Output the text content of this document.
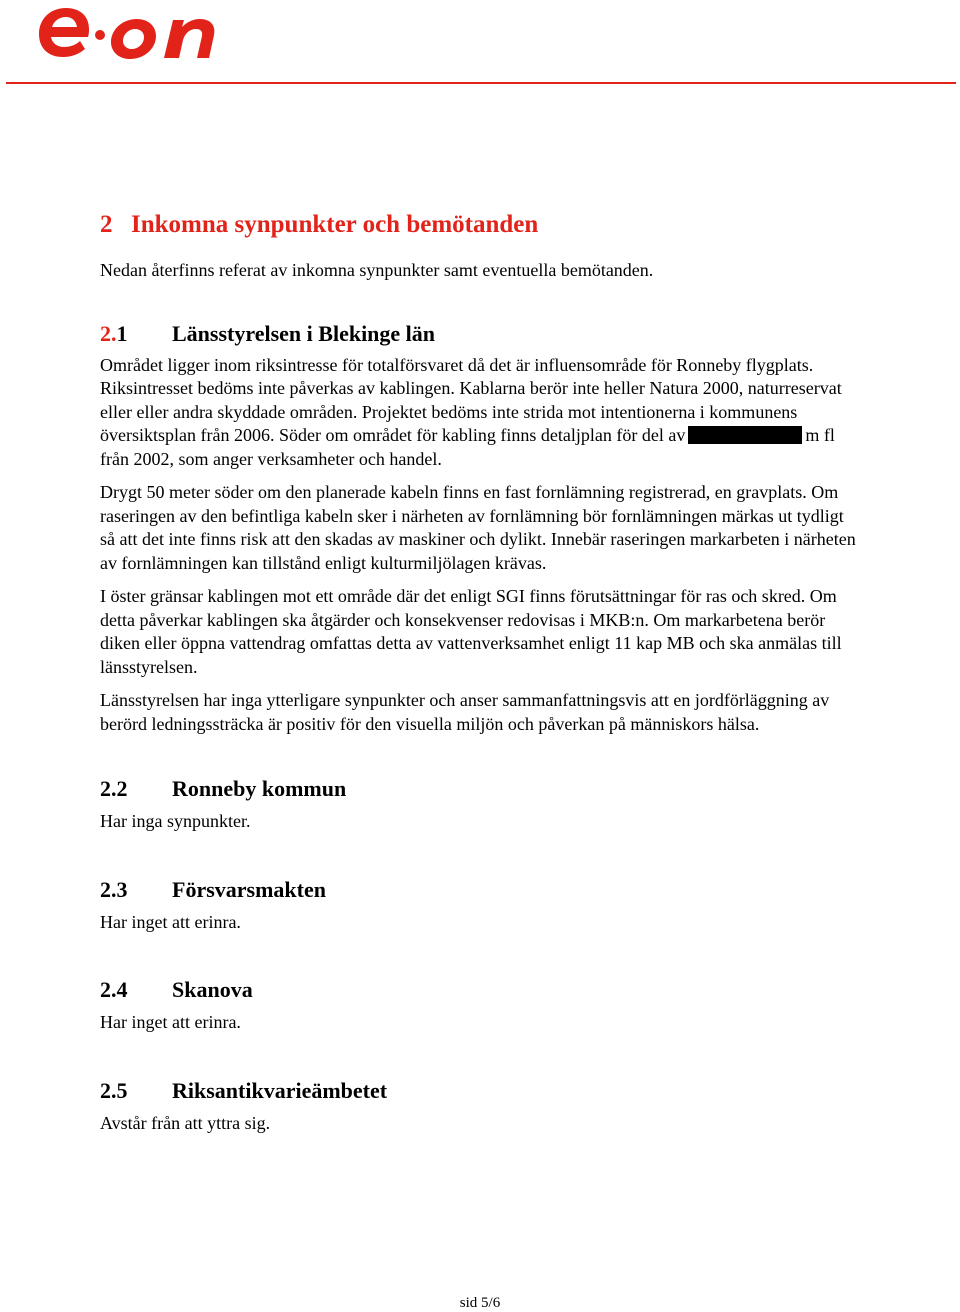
2 Inkomna synpunkter och bemötanden

Nedan återfinns referat av inkomna synpunkter samt eventuella bemötanden.

2.1 Länsstyrelsen i Blekinge län

Området ligger inom riksintresse för totalförsvaret då det är influensområde för Ronneby flygplats. Riksintresset bedöms inte påverkas av kablingen. Kablarna berör inte heller Natura 2000, naturreservat eller eller andra skyddade områden. Projektet bedöms inte strida mot intentionerna i kommunens översiktsplan från 2006. Söder om området för kabling finns detaljplan för del av	m fl från 2002, som anger verksamheter och handel.

Drygt 50 meter söder om den planerade kabeln finns en fast fornlämning registrerad, en gravplats. Om raseringen av den befintliga kabeln sker i närheten av fornlämning bör fornlämningen märkas ut tydligt så att det inte finns risk att den skadas av maskiner och dylikt. Innebär raseringen markarbeten i närheten av fornlämningen kan tillstånd enligt kulturmiljölagen krävas.

I öster gränsar kablingen mot ett område där det enligt SGI finns förutsättningar för ras och skred. Om detta påverkar kablingen ska åtgärder och konsekvenser redovisas i MKB:n. Om markarbetena berör diken eller öppna vattendrag omfattas detta av vattenverksamhet enligt 11 kap MB och ska anmälas till länsstyrelsen.

Länsstyrelsen har inga ytterligare synpunkter och anser sammanfattningsvis att en jordförläggning av berörd ledningssträcka är positiv för den visuella miljön och påverkan på människors hälsa.

2.2 Ronneby kommun

Har inga synpunkter.

2.3 Försvarsmakten

Har inget att erinra.

2.4 Skanova

Har inget att erinra.

2.5 Riksantikvarieämbetet

Avstår från att yttra sig.

sid 5/6
